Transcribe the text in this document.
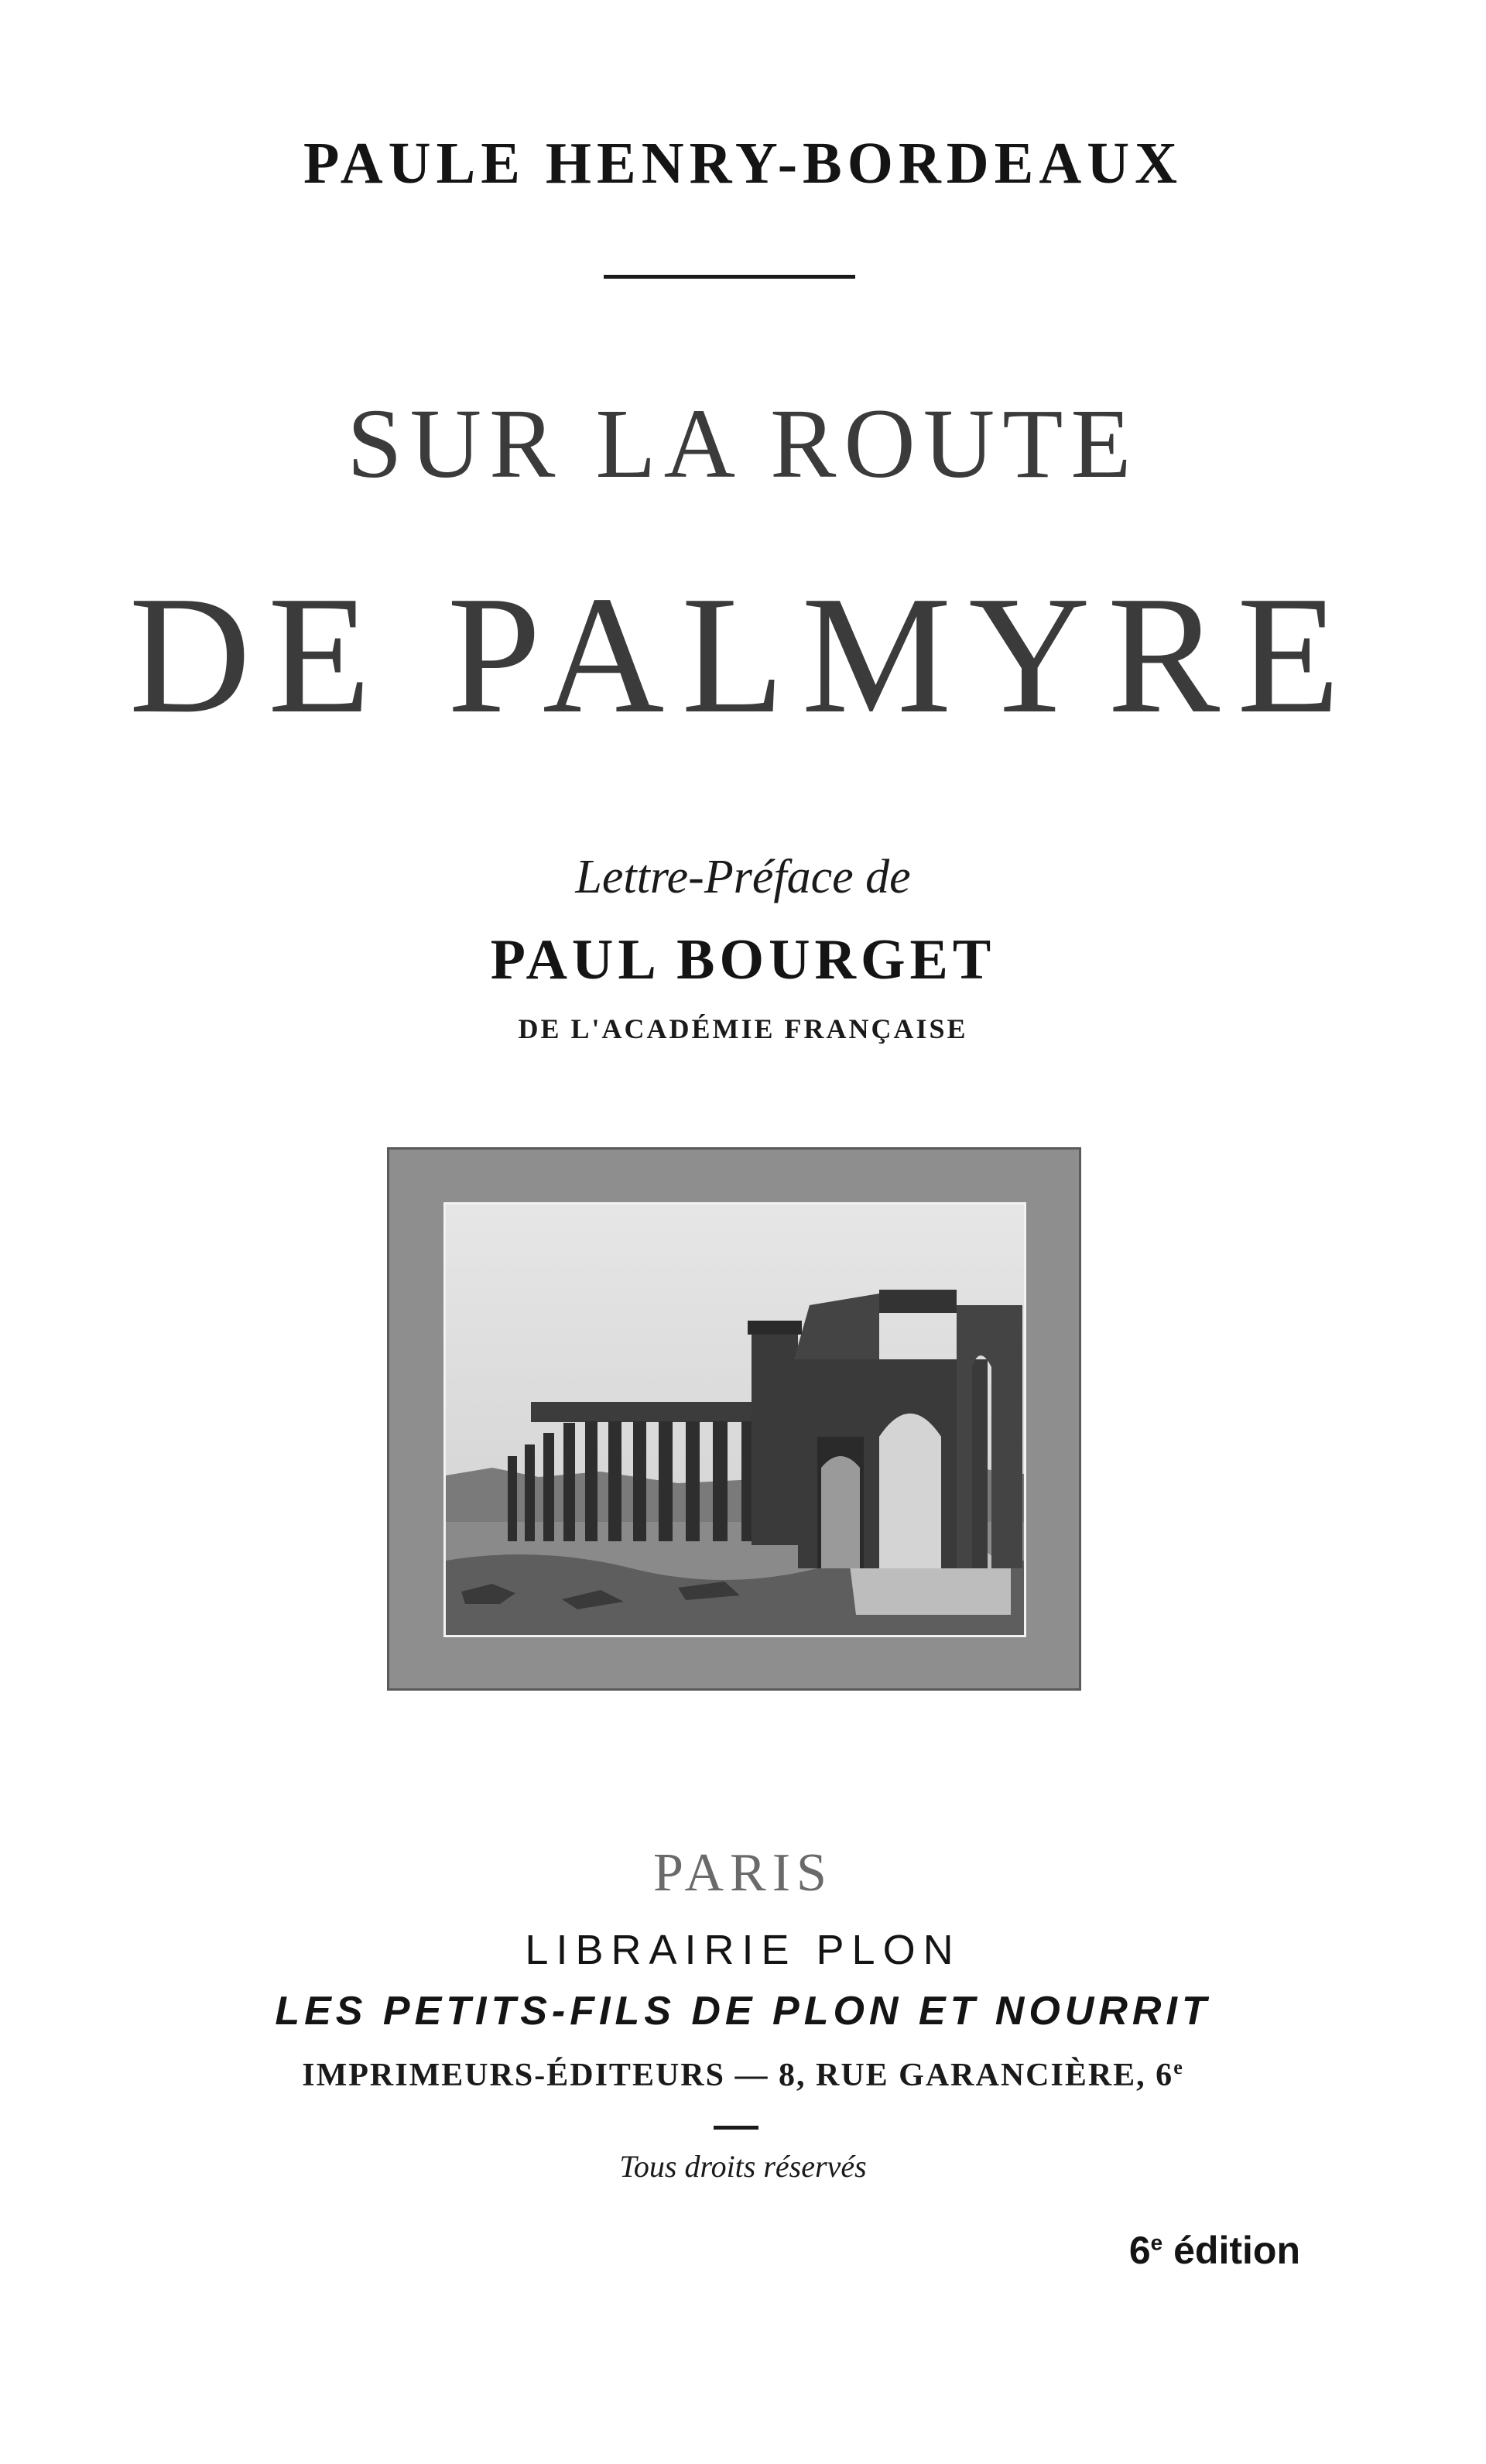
PAULE HENRY-BORDEAUX
SUR LA ROUTE
DE PALMYRE
Lettre-Préface de
PAUL BOURGET
DE L'ACADÉMIE FRANÇAISE
PARIS
LIBRAIRIE PLON
LES PETITS-FILS DE PLON ET NOURRIT
IMPRIMEURS-ÉDITEURS — 8, RUE GARANCIÈRE, 6e
Tous droits réservés
6e édition
